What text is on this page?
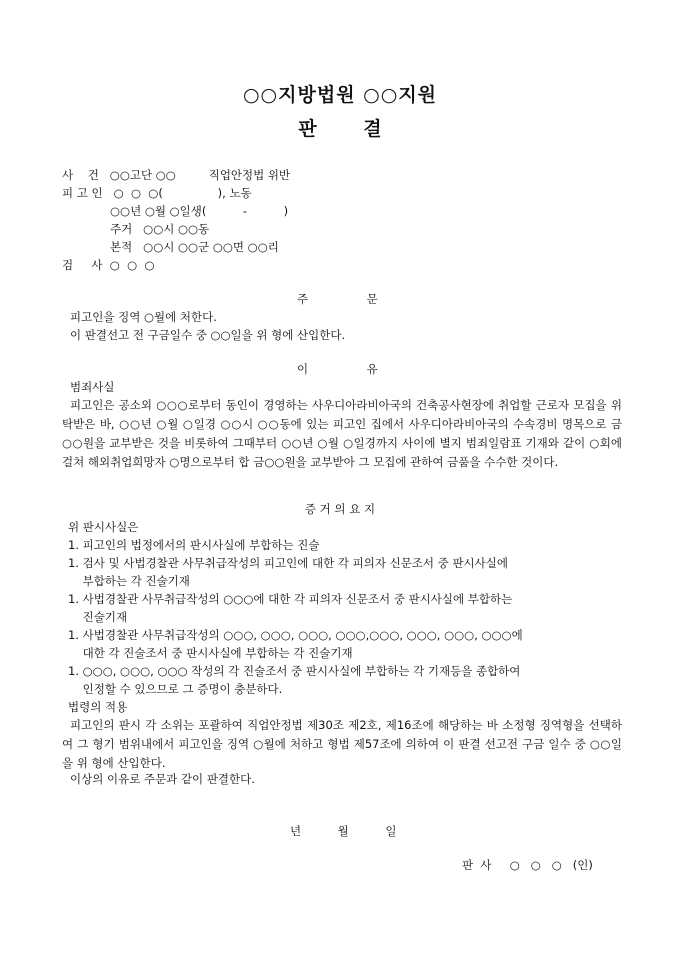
○○지방법원 ○○지원
판 결
사    건   ○○고단 ○○         직업안정법 위반
피 고 인   ○  ○  ○(               ), 노동
○○년 ○월 ○일생(          -          )
주거   ○○시 ○○동
본적   ○○시 ○○군 ○○면 ○○리
검     사  ○  ○  ○
주                문
피고인을 징역 ○월에 처한다.
이 판결선고 전 구금일수 중 ○○일을 위 형에 산입한다.
이                유
범죄사실
피고인은 공소외 ○○○로부터 동인이 경영하는 사우디아라비아국의 건축공사현장에 취업할 근로자 모집을 위탁받은 바, ○○년 ○월 ○일경 ○○시 ○○동에 있는 피고인 집에서 사우디아라비아국의 수속경비 명목으로 금 ○○원을 교부받은 것을 비롯하여 그때부터 ○○년 ○월 ○일경까지 사이에 별지 범죄일람표 기재와 같이 ○회에 걸쳐 해외취업희망자 ○명으로부터 합 금○○원을 교부받아 그 모집에 관하여 금품을 수수한 것이다.
증 거 의 요 지
위 판시사실은
1. 피고인의 법정에서의 판시사실에 부합하는 진술
1. 검사 및 사법경찰관 사무취급작성의 피고인에 대한 각 피의자 신문조서 중 판시사실에
부합하는 각 진술기재
1. 사법경찰관 사무취급작성의 ○○○에 대한 각 피의자 신문조서 중 판시사실에 부합하는
진술기재
1. 사법경찰관 사무취급작성의 ○○○, ○○○, ○○○, ○○○,○○○, ○○○, ○○○, ○○○에
대한 각 진술조서 중 판시사실에 부합하는 각 진술기재
1. ○○○, ○○○, ○○○ 작성의 각 진술조서 중 판시사실에 부합하는 각 기재등을 종합하여
인정할 수 있으므로 그 증명이 충분하다.
법령의 적용
피고인의 판시 각 소위는 포괄하여 직업안정법 제30조 제2호, 제16조에 해당하는 바 소정형 징역형을 선택하여 그 형기 범위내에서 피고인을 징역 ○월에 처하고 형법 제57조에 의하여 이 판결 선고전 구금 일수 중 ○○일을 위 형에 산입한다.
이상의 이유로 주문과 같이 판결한다.
년          월          일
판  사     ○   ○   ○   (인)
